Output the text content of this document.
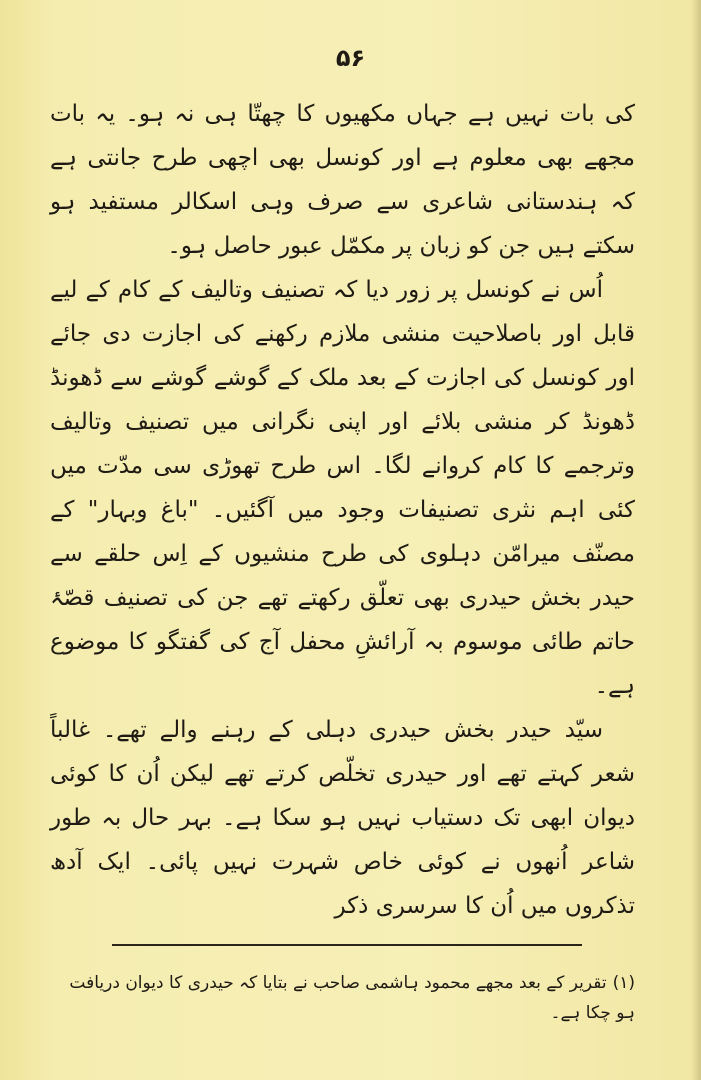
۵۶

کی بات نہیں ہے جہاں مکھیوں کا چھتّا ہی نہ ہو۔ یہ بات مجھے بھی معلوم ہے اور کونسل بھی اچھی طرح جانتی ہے کہ ہندستانی شاعری سے صرف وہی اسکالر مستفید ہو سکتے ہیں جن کو زبان پر مکمّل عبور حاصل ہو۔

اُس نے کونسل پر زور دیا کہ تصنیف وتالیف کے کام کے لیے قابل اور باصلاحیت منشی ملازم رکھنے کی اجازت دی جائے اور کونسل کی اجازت کے بعد ملک کے گوشے گوشے سے ڈھونڈ ڈھونڈ کر منشی بلائے اور اپنی نگرانی میں تصنیف وتالیف وترجمے کا کام کروانے لگا۔ اس طرح تھوڑی سی مدّت میں کئی اہم نثری تصنیفات وجود میں آگئیں۔ "باغ وبہار" کے مصنّف میرامّن دہلوی کی طرح منشیوں کے اِس حلقے سے حیدر بخش حیدری بھی تعلّق رکھتے تھے جن کی تصنیف قصّۂ حاتم طائی موسوم بہ آرائشِ محفل آج کی گفتگو کا موضوع ہے۔

سیّد حیدر بخش حیدری دہلی کے رہنے والے تھے۔ غالباً شعر کہتے تھے اور حیدری تخلّص کرتے تھے لیکن اُن کا کوئی دیوان ابھی تک دستیاب نہیں ہو سکا ہے۔ بہر حال بہ طور شاعر اُنھوں نے کوئی خاص شہرت نہیں پائی۔ ایک آدھ تذکروں میں اُن کا سرسری ذکر

(۱)تقریر کے بعد مجھے محمود ہاشمی صاحب نے بتایا کہ حیدری کا دیوان دریافت ہو چکا ہے۔
